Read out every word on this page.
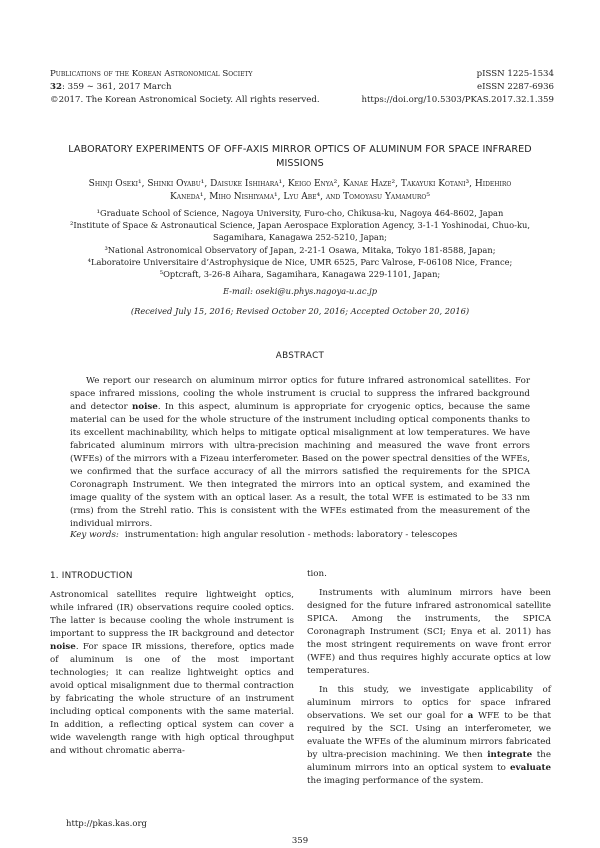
Publications of the Korean Astronomical Society
32: 359 ∼ 361, 2017 March
©2017. The Korean Astronomical Society. All rights reserved.
pISSN 1225-1534
eISSN 2287-6936
https://doi.org/10.5303/PKAS.2017.32.1.359
LABORATORY EXPERIMENTS OF OFF-AXIS MIRROR OPTICS OF ALUMINUM FOR SPACE INFRARED MISSIONS
Shinji Oseki¹, Shinki Oyabu¹, Daisuke Ishihara¹, Keigo Enya², Kanae Haze², Takayuki Kotani³, Hidehiro
Kaneda¹, Miho Nishiyama¹, Lyu Abe⁴, and Tomoyasu Yamamuro⁵
¹Graduate School of Science, Nagoya University, Furo-cho, Chikusa-ku, Nagoya 464-8602, Japan
²Institute of Space & Astronautical Science, Japan Aerospace Exploration Agency, 3-1-1 Yoshinodai, Chuo-ku,
Sagamihara, Kanagawa 252-5210, Japan;
³National Astronomical Observatory of Japan, 2-21-1 Osawa, Mitaka, Tokyo 181-8588, Japan;
⁴Laboratoire Universitaire d’Astrophysique de Nice, UMR 6525, Parc Valrose, F-06108 Nice, France;
⁵Optcraft, 3-26-8 Aihara, Sagamihara, Kanagawa 229-1101, Japan;
E-mail: oseki@u.phys.nagoya-u.ac.jp
(Received July 15, 2016; Revised October 20, 2016; Accepted October 20, 2016)
ABSTRACT
We report our research on aluminum mirror optics for future infrared astronomical satellites. For space infrared missions, cooling the whole instrument is crucial to suppress the infrared background and detector noise. In this aspect, aluminum is appropriate for cryogenic optics, because the same material can be used for the whole structure of the instrument including optical components thanks to its excellent machinability, which helps to mitigate optical misalignment at low temperatures. We have fabricated aluminum mirrors with ultra-precision machining and measured the wave front errors (WFEs) of the mirrors with a Fizeau interferometer. Based on the power spectral densities of the WFEs, we confirmed that the surface accuracy of all the mirrors satisfied the requirements for the SPICA Coronagraph Instrument. We then integrated the mirrors into an optical system, and examined the image quality of the system with an optical laser. As a result, the total WFE is estimated to be 33 nm (rms) from the Strehl ratio. This is consistent with the WFEs estimated from the measurement of the individual mirrors.
Key words: instrumentation: high angular resolution - methods: laboratory - telescopes
1. INTRODUCTION

Astronomical satellites require lightweight optics, while infrared (IR) observations require cooled optics. The latter is because cooling the whole instrument is important to suppress the IR background and detector noise. For space IR missions, therefore, optics made of aluminum is one of the most important technologies; it can realize lightweight optics and avoid optical misalignment due to thermal contraction by fabricating the whole structure of an instrument including optical components with the same material. In addition, a reflecting optical system can cover a wide wavelength range with high optical throughput and without chromatic aberra-

tion.

Instruments with aluminum mirrors have been designed for the future infrared astronomical satellite SPICA. Among the instruments, the SPICA Coronagraph Instrument (SCI; Enya et al. 2011) has the most stringent requirements on wave front error (WFE) and thus requires highly accurate optics at low temperatures.

In this study, we investigate applicability of aluminum mirrors to optics for space infrared observations. We set our goal for a WFE to be that required by the SCI. Using an interferometer, we evaluate the WFEs of the aluminum mirrors fabricated by ultra-precision machining. We then integrate the aluminum mirrors into an optical system to evaluate the imaging performance of the system.

http://pkas.kas.org
359
